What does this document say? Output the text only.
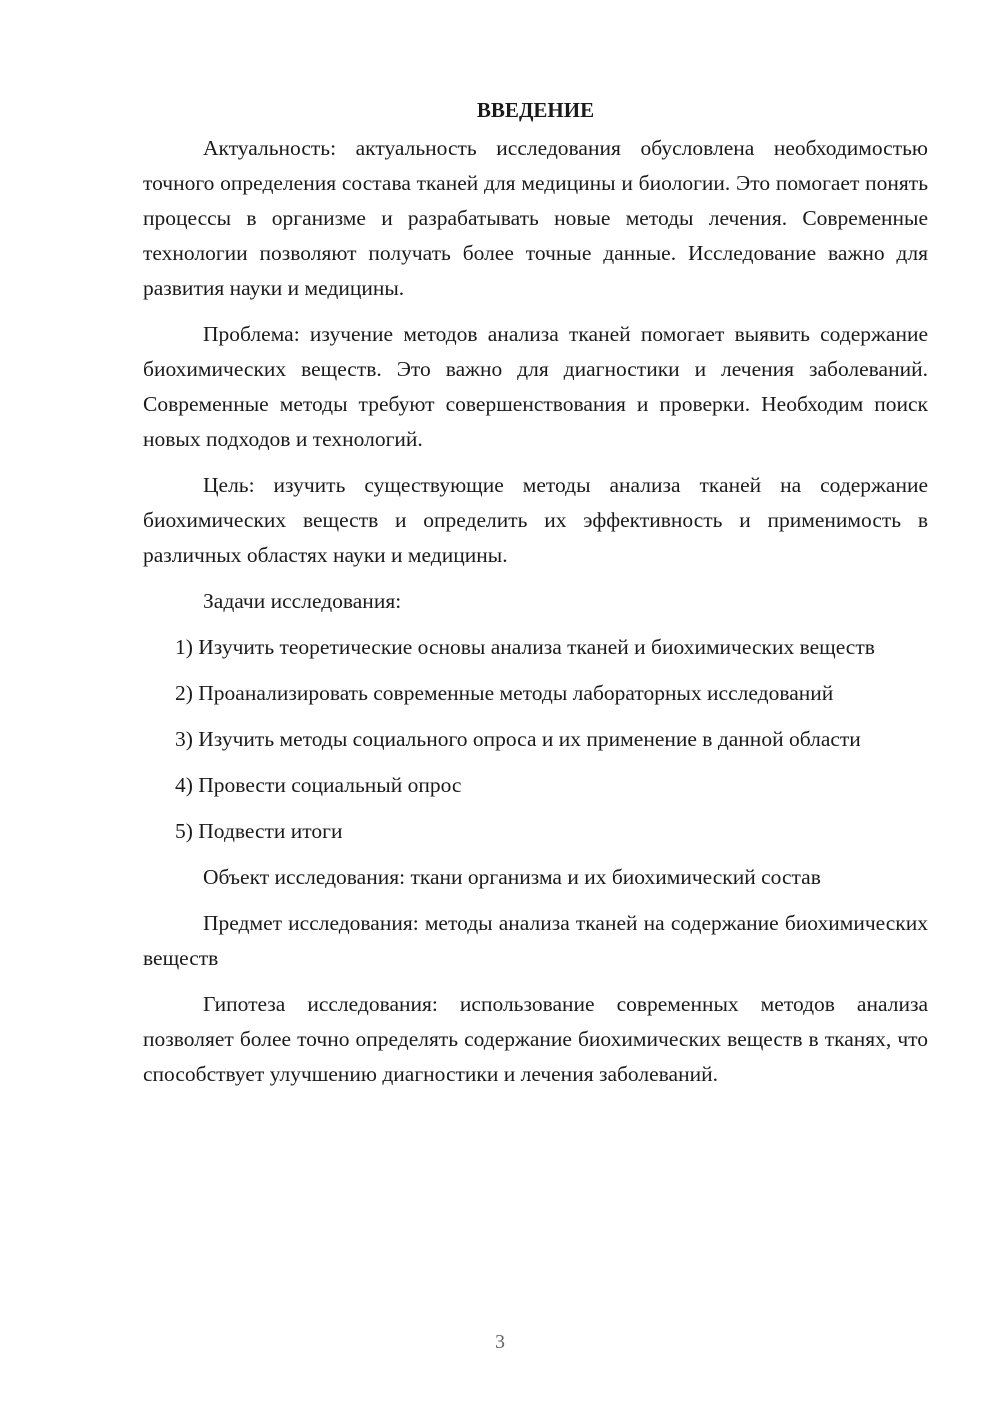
ВВЕДЕНИЕ

Актуальность: актуальность исследования обусловлена необходимостью точного определения состава тканей для медицины и биологии. Это помогает понять процессы в организме и разрабатывать новые методы лечения. Современные технологии позволяют получать более точные данные. Исследование важно для развития науки и медицины.

Проблема: изучение методов анализа тканей помогает выявить содержание биохимических веществ. Это важно для диагностики и лечения заболеваний. Современные методы требуют совершенствования и проверки. Необходим поиск новых подходов и технологий.

Цель: изучить существующие методы анализа тканей на содержание биохимических веществ и определить их эффективность и применимость в различных областях науки и медицины.

Задачи исследования:

1) Изучить теоретические основы анализа тканей и биохимических веществ

2) Проанализировать современные методы лабораторных исследований

3) Изучить методы социального опроса и их применение в данной области

4) Провести социальный опрос

5) Подвести итоги

Объект исследования: ткани организма и их биохимический состав

Предмет исследования: методы анализа тканей на содержание биохимических веществ

Гипотеза исследования: использование современных методов анализа позволяет более точно определять содержание биохимических веществ в тканях, что способствует улучшению диагностики и лечения заболеваний.

3
